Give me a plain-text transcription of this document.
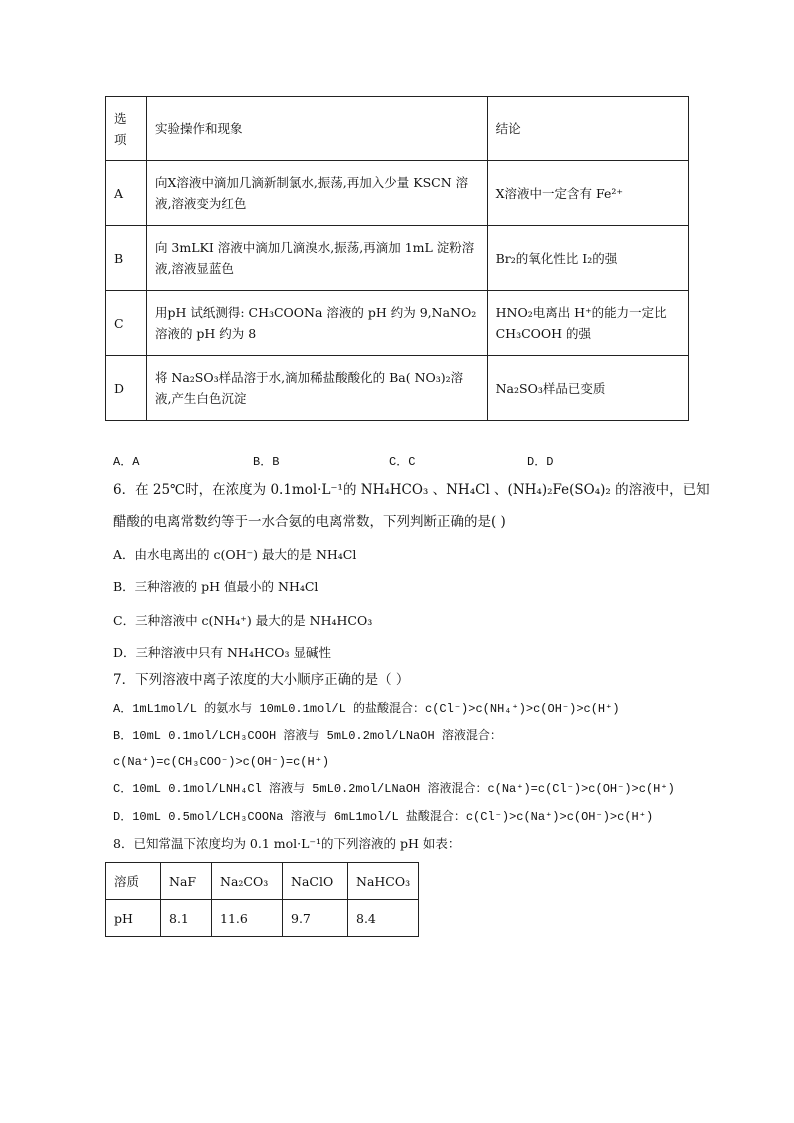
选
项	实验操作和现象	结论
A	向X溶液中滴加几滴新制氯水,振荡,再加入少量 KSCN 溶液,溶液变为红色	X溶液中一定含有 Fe²⁺
B	向 3mLKI 溶液中滴加几滴溴水,振荡,再滴加 1mL 淀粉溶液,溶液显蓝色	Br₂的氧化性比 I₂的强
C	用pH 试纸测得: CH₃COONa 溶液的 pH 约为 9,NaNO₂溶液的 pH 约为 8	HNO₂电离出 H⁺的能力一定比 CH₃COOH 的强
D	将 Na₂SO₃样品溶于水,滴加稀盐酸酸化的 Ba( NO₃)₂溶液,产生白色沉淀	Na₂SO₃样品已变质
A．A	B．B	C．C	D．D
6．在 25℃时，在浓度为 0.1mol·L⁻¹的 NH₄HCO₃ 、NH₄Cl 、(NH₄)₂Fe(SO₄)₂ 的溶液中，已知
醋酸的电离常数约等于一水合氨的电离常数，下列判断正确的是( )
A．由水电离出的 c(OH⁻) 最大的是 NH₄Cl
B．三种溶液的 pH 值最小的 NH₄Cl
C．三种溶液中 c(NH₄⁺) 最大的是 NH₄HCO₃
D．三种溶液中只有 NH₄HCO₃ 显碱性
7．下列溶液中离子浓度的大小顺序正确的是（ ）
A．1mL1mol/L 的氨水与 10mL0.1mol/L 的盐酸混合：c(Cl⁻)>c(NH₄⁺)>c(OH⁻)>c(H⁺)
B．10mL 0.1mol/LCH₃COOH 溶液与 5mL0.2mol/LNaOH 溶液混合：
c(Na⁺)=c(CH₃COO⁻)>c(OH⁻)=c(H⁺)
C．10mL 0.1mol/LNH₄Cl 溶液与 5mL0.2mol/LNaOH 溶液混合：c(Na⁺)=c(Cl⁻)>c(OH⁻)>c(H⁺)
D．10mL 0.5mol/LCH₃COONa 溶液与 6mL1mol/L 盐酸混合：c(Cl⁻)>c(Na⁺)>c(OH⁻)>c(H⁺)
8．已知常温下浓度均为 0.1 mol·L⁻¹的下列溶液的 pH 如表：
溶质	NaF	Na₂CO₃	NaClO	NaHCO₃
pH	8.1	11.6	9.7	8.4
